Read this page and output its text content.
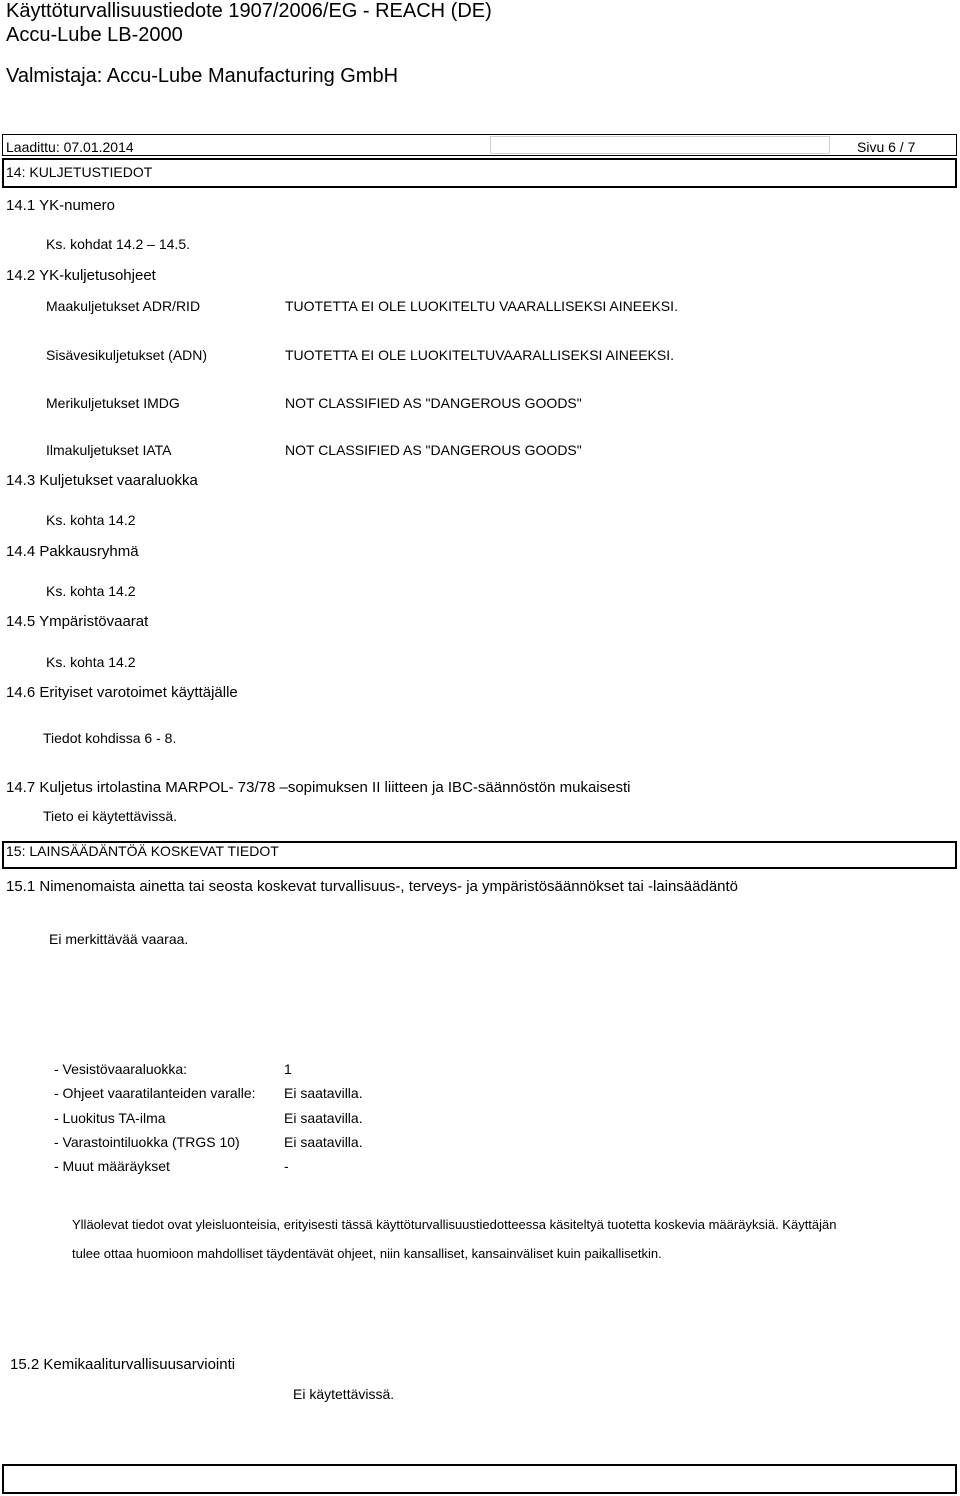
Käyttöturvallisuustiedote 1907/2006/EG - REACH (DE)
Accu-Lube LB-2000
Valmistaja: Accu-Lube Manufacturing GmbH
Laadittu: 07.01.2014	Sivu 6 / 7
14: KULJETUSTIEDOT
14.1 YK-numero
Ks. kohdat 14.2 – 14.5.
14.2 YK-kuljetusohjeet
Maakuljetukset ADR/RID	TUOTETTA EI OLE LUOKITELTU VAARALLISEKSI AINEEKSI.
Sisävesikuljetukset (ADN)	TUOTETTA EI OLE LUOKITELTUVAARALLISEKSI AINEEKSI.
Merikuljetukset IMDG	NOT CLASSIFIED AS "DANGEROUS GOODS"
Ilmakuljetukset IATA	NOT CLASSIFIED AS "DANGEROUS GOODS"
14.3 Kuljetukset vaaraluokka
Ks. kohta 14.2
14.4 Pakkausryhmä
Ks. kohta 14.2
14.5 Ympäristövaarat
Ks. kohta 14.2
14.6 Erityiset varotoimet käyttäjälle
Tiedot kohdissa 6 - 8.
14.7 Kuljetus irtolastina MARPOL- 73/78 –sopimuksen II liitteen ja IBC-säännöstön mukaisesti
Tieto ei käytettävissä.
15: LAINSÄÄDÄNTÖÄ KOSKEVAT TIEDOT
15.1 Nimenomaista ainetta tai seosta koskevat turvallisuus-, terveys- ja ympäristösäännökset tai -lainsäädäntö
Ei merkittävää vaaraa.
- Vesistövaaraluokka:	1
- Ohjeet vaaratilanteiden varalle: Ei saatavilla.
- Luokitus TA-ilma	Ei saatavilla.
- Varastointiluokka (TRGS 10)	Ei saatavilla.
- Muut määräykset	-
Ylläolevat tiedot ovat yleisluonteisia, erityisesti tässä käyttöturvallisuustiedotteessa käsiteltyä tuotetta koskevia määräyksiä. Käyttäjän
tulee ottaa huomioon mahdolliset täydentävät ohjeet, niin kansalliset, kansainväliset kuin paikallisetkin.
15.2 Kemikaaliturvallisuusarviointi
Ei käytettävissä.
